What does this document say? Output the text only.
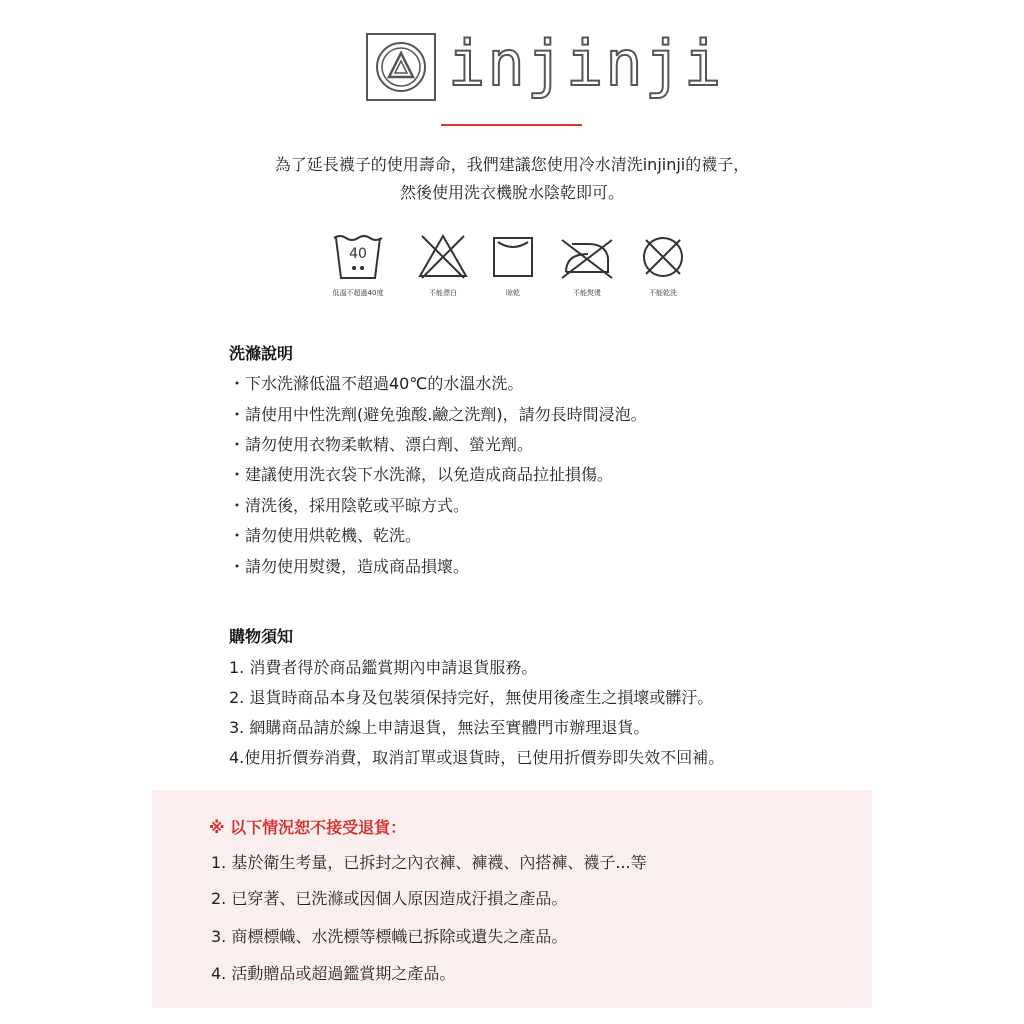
injinji
為了延長襪子的使用壽命，我們建議您使用冷水清洗injinji的襪子，
然後使用洗衣機脫水陰乾即可。
40
低溫不超過40度	不能漂白	晾乾	不能熨燙	不能乾洗
洗滌說明
・下水洗滌低溫不超過40℃的水溫水洗。
・請使用中性洗劑(避免強酸.鹼之洗劑)，請勿長時間浸泡。
・請勿使用衣物柔軟精、漂白劑、螢光劑。
・建議使用洗衣袋下水洗滌，以免造成商品拉扯損傷。
・清洗後，採用陰乾或平晾方式。
・請勿使用烘乾機、乾洗。
・請勿使用熨燙，造成商品損壞。
購物須知
1. 消費者得於商品鑑賞期內申請退貨服務。
2. 退貨時商品本身及包裝須保持完好，無使用後產生之損壞或髒汙。
3. 網購商品請於線上申請退貨，無法至實體門市辦理退貨。
4.使用折價券消費，取消訂單或退貨時，已使用折價券即失效不回補。
※ 以下情況恕不接受退貨：
1. 基於衛生考量，已拆封之內衣褲、褲襪、內搭褲、襪子...等
2. 已穿著、已洗滌或因個人原因造成汙損之產品。
3. 商標標幟、水洗標等標幟已拆除或遺失之產品。
4. 活動贈品或超過鑑賞期之產品。
